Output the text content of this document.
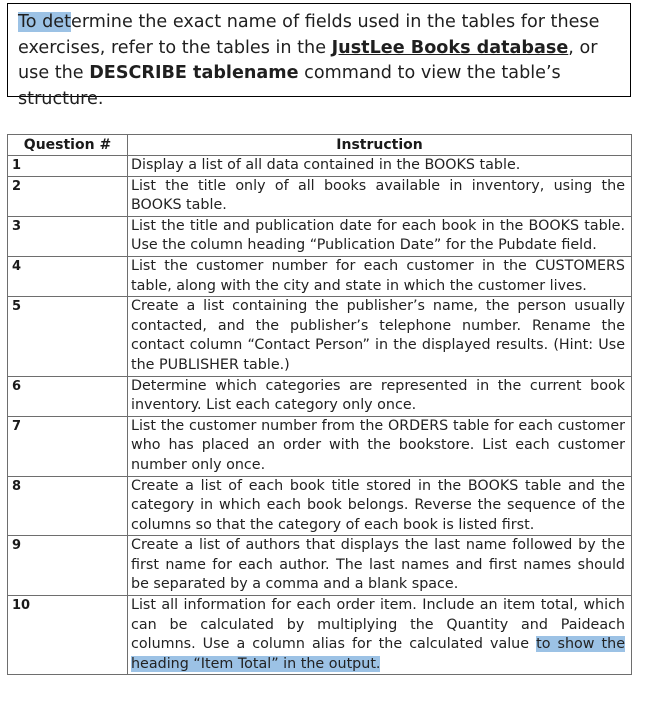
To determine the exact name of fields used in the tables for these exercises, refer to the tables in the JustLee Books database, or use the DESCRIBE tablename command to view the table’s structure.
Question #	Instruction
1	Display a list of all data contained in the BOOKS table.
2	List the title only of all books available in inventory, using the BOOKS table.
3	List the title and publication date for each book in the BOOKS table. Use the column heading “Publication Date” for the Pubdate field.
4	List the customer number for each customer in the CUSTOMERS table, along with the city and state in which the customer lives.
5	Create a list containing the publisher’s name, the person usually contacted, and the publisher’s telephone number. Rename the contact column “Contact Person” in the displayed results. (Hint: Use the PUBLISHER table.)
6	Determine which categories are represented in the current book inventory. List each category only once.
7	List the customer number from the ORDERS table for each customer who has placed an order with the bookstore. List each customer number only once.
8	Create a list of each book title stored in the BOOKS table and the category in which each book belongs. Reverse the sequence of the columns so that the category of each book is listed first.
9	Create a list of authors that displays the last name followed by the first name for each author. The last names and first names should be separated by a comma and a blank space.
10	List all information for each order item. Include an item total, which can be calculated by multiplying the Quantity and Paideach columns. Use a column alias for the calculated value to show the heading “Item Total” in the output.
